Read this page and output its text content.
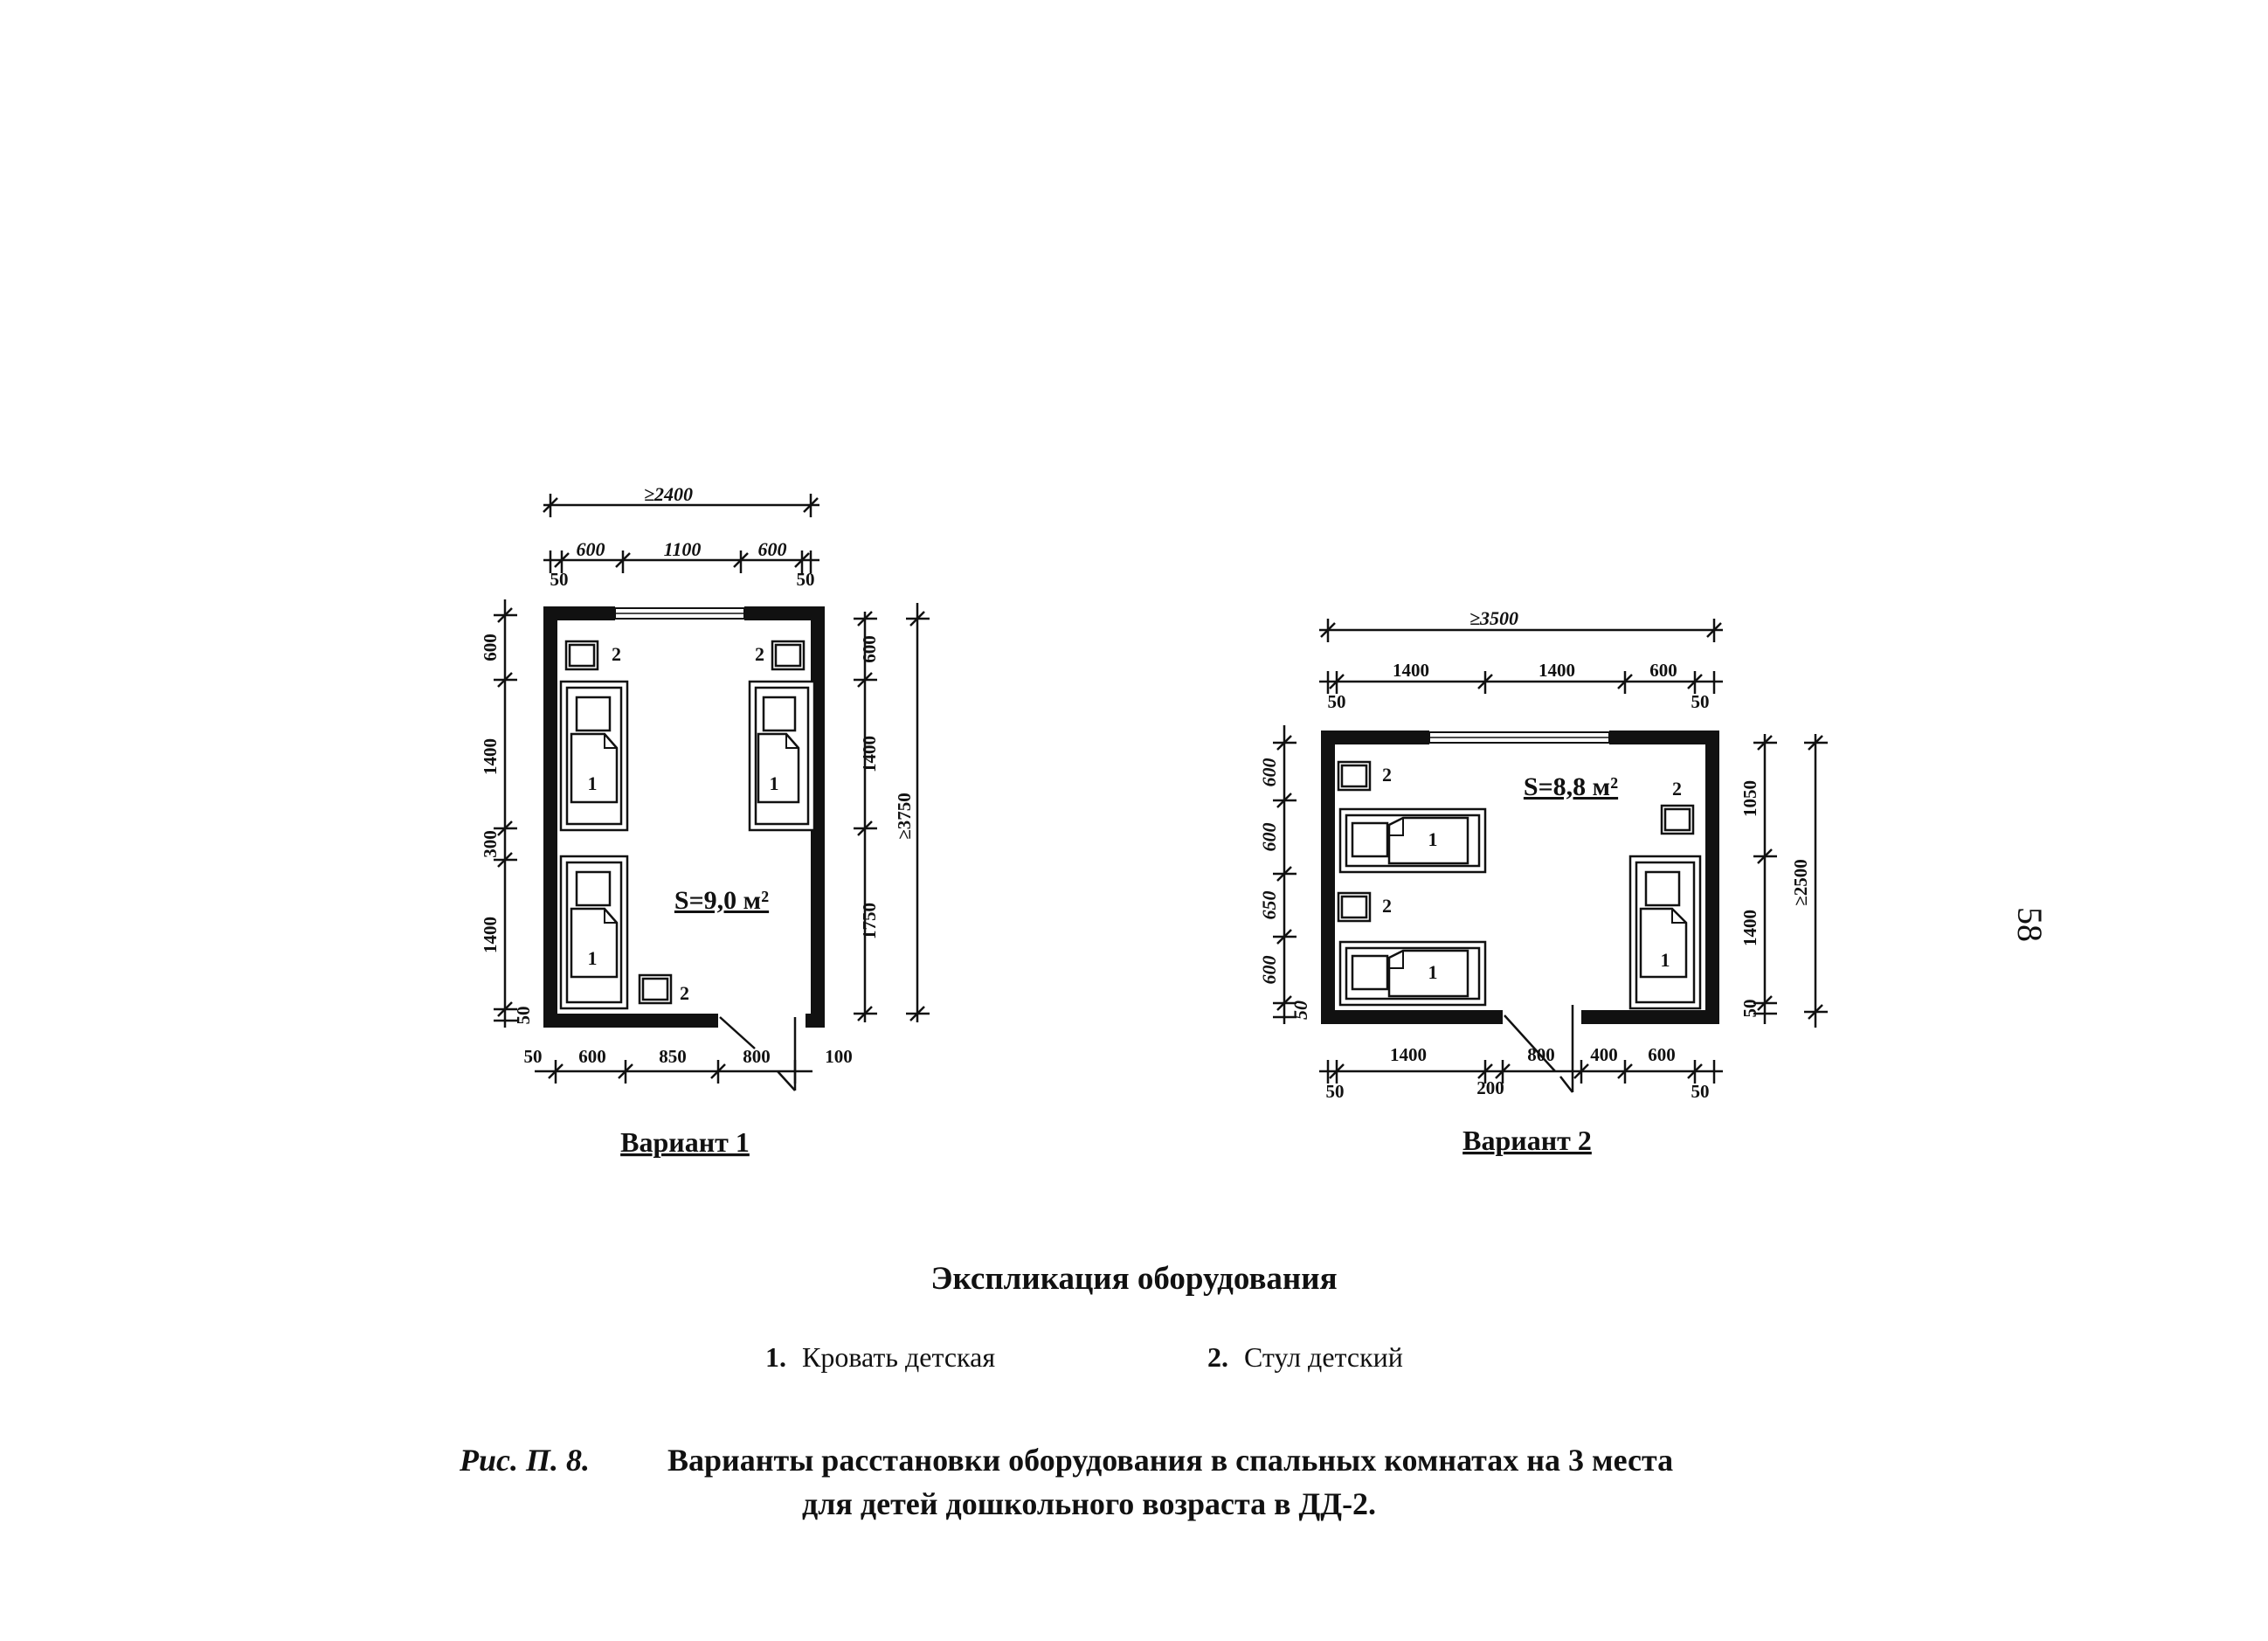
≥2400
600	1100	600
50	50
1	1
1
2	2
2
S=9,0 м²
600
1400
300
1400
50
600
1400
1750
≥3750
50 600	850	800	100
Вариант 1
≥3500
1400	1400	600
50	50
1
1
1
2
2
2
S=8,8 м²
600
600
650
600
50
1050
1400
50
≥2500
1400	800 400 600
50	200	50
Вариант 2
58
Экспликация оборудования
1. Кровать детская	2. Стул детский
Рис. П. 8. Варианты расстановки оборудования в спальных комнатах на 3 места
для детей дошкольного возраста в ДД-2.
